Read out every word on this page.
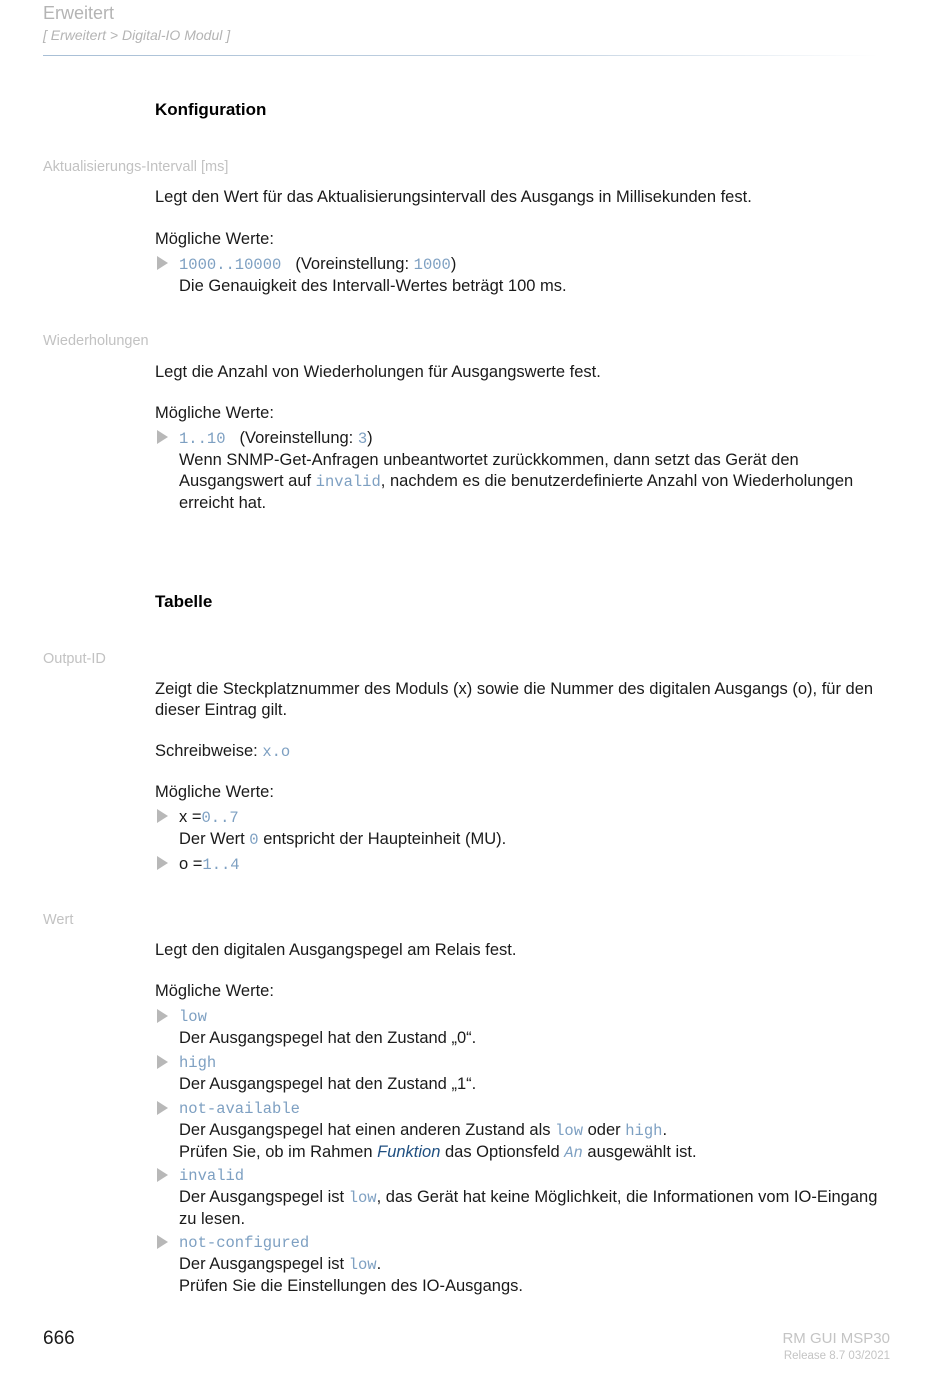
Erweitert
[ Erweitert > Digital-IO Modul ]
Konfiguration
Aktualisierungs-Intervall [ms]
Legt den Wert für das Aktualisierungsintervall des Ausgangs in Millisekunden fest.
Mögliche Werte:
1000..10000 (Voreinstellung: 1000)
Die Genauigkeit des Intervall-Wertes beträgt 100 ms.
Wiederholungen
Legt die Anzahl von Wiederholungen für Ausgangswerte fest.
Mögliche Werte:
1..10 (Voreinstellung: 3)
Wenn SNMP-Get-Anfragen unbeantwortet zurückkommen, dann setzt das Gerät den
Ausgangswert auf invalid, nachdem es die benutzerdefinierte Anzahl von Wiederholungen
erreicht hat.
Tabelle
Output-ID
Zeigt die Steckplatznummer des Moduls (x) sowie die Nummer des digitalen Ausgangs (o), für den
dieser Eintrag gilt.
Schreibweise: x.o
Mögliche Werte:
x =0..7
Der Wert 0 entspricht der Haupteinheit (MU).
o =1..4
Wert
Legt den digitalen Ausgangspegel am Relais fest.
Mögliche Werte:
low
Der Ausgangspegel hat den Zustand „0“.
high
Der Ausgangspegel hat den Zustand „1“.
not-available
Der Ausgangspegel hat einen anderen Zustand als low oder high.
Prüfen Sie, ob im Rahmen Funktion das Optionsfeld An ausgewählt ist.
invalid
Der Ausgangspegel ist low, das Gerät hat keine Möglichkeit, die Informationen vom IO-Eingang
zu lesen.
not-configured
Der Ausgangspegel ist low.
Prüfen Sie die Einstellungen des IO-Ausgangs.
666	RM GUI MSP30
Release 8.7 03/2021
